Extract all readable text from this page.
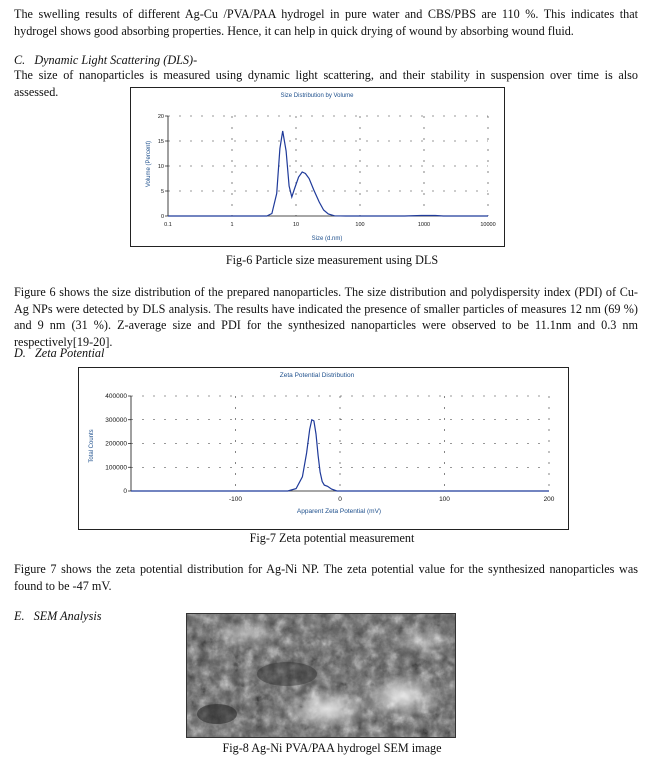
The swelling results of different Ag-Cu /PVA/PAA hydrogel in pure water and CBS/PBS are 110 %. This indicates that hydrogel shows good absorbing properties. Hence, it can help in quick drying of wound by absorbing wound fluid.
C. Dynamic Light Scattering (DLS)-
The size of nanoparticles is measured using dynamic light scattering, and their stability in suspension over time is also assessed.	Size Distribution by Volume
Size (d.nm)
Volume (Percent)
0
5
10
15
20
0.1	1	10	100	1000	10000
Fig-6 Particle size measurement using DLS
Figure 6 shows the size distribution of the prepared nanoparticles. The size distribution and polydispersity index (PDI) of Cu-Ag NPs were detected by DLS analysis. The results have indicated the presence of smaller particles of measures 12 nm (69 %) and 9 nm (31 %). Z-average size and PDI for the synthesized nanoparticles were observed to be 11.1nm and 0.3 nm respectively[19-20].
D. Zeta Potential
Zeta Potential Distribution
Apparent Zeta Potential (mV)
Total Counts
0
100000
200000
300000
400000
-100	0	100	200
Fig-7 Zeta potential measurement
Figure 7 shows the zeta potential distribution for Ag-Ni NP. The zeta potential value for the synthesized nanoparticles was found to be -47 mV.
E. SEM Analysis
Fig-8 Ag-Ni PVA/PAA hydrogel SEM image
